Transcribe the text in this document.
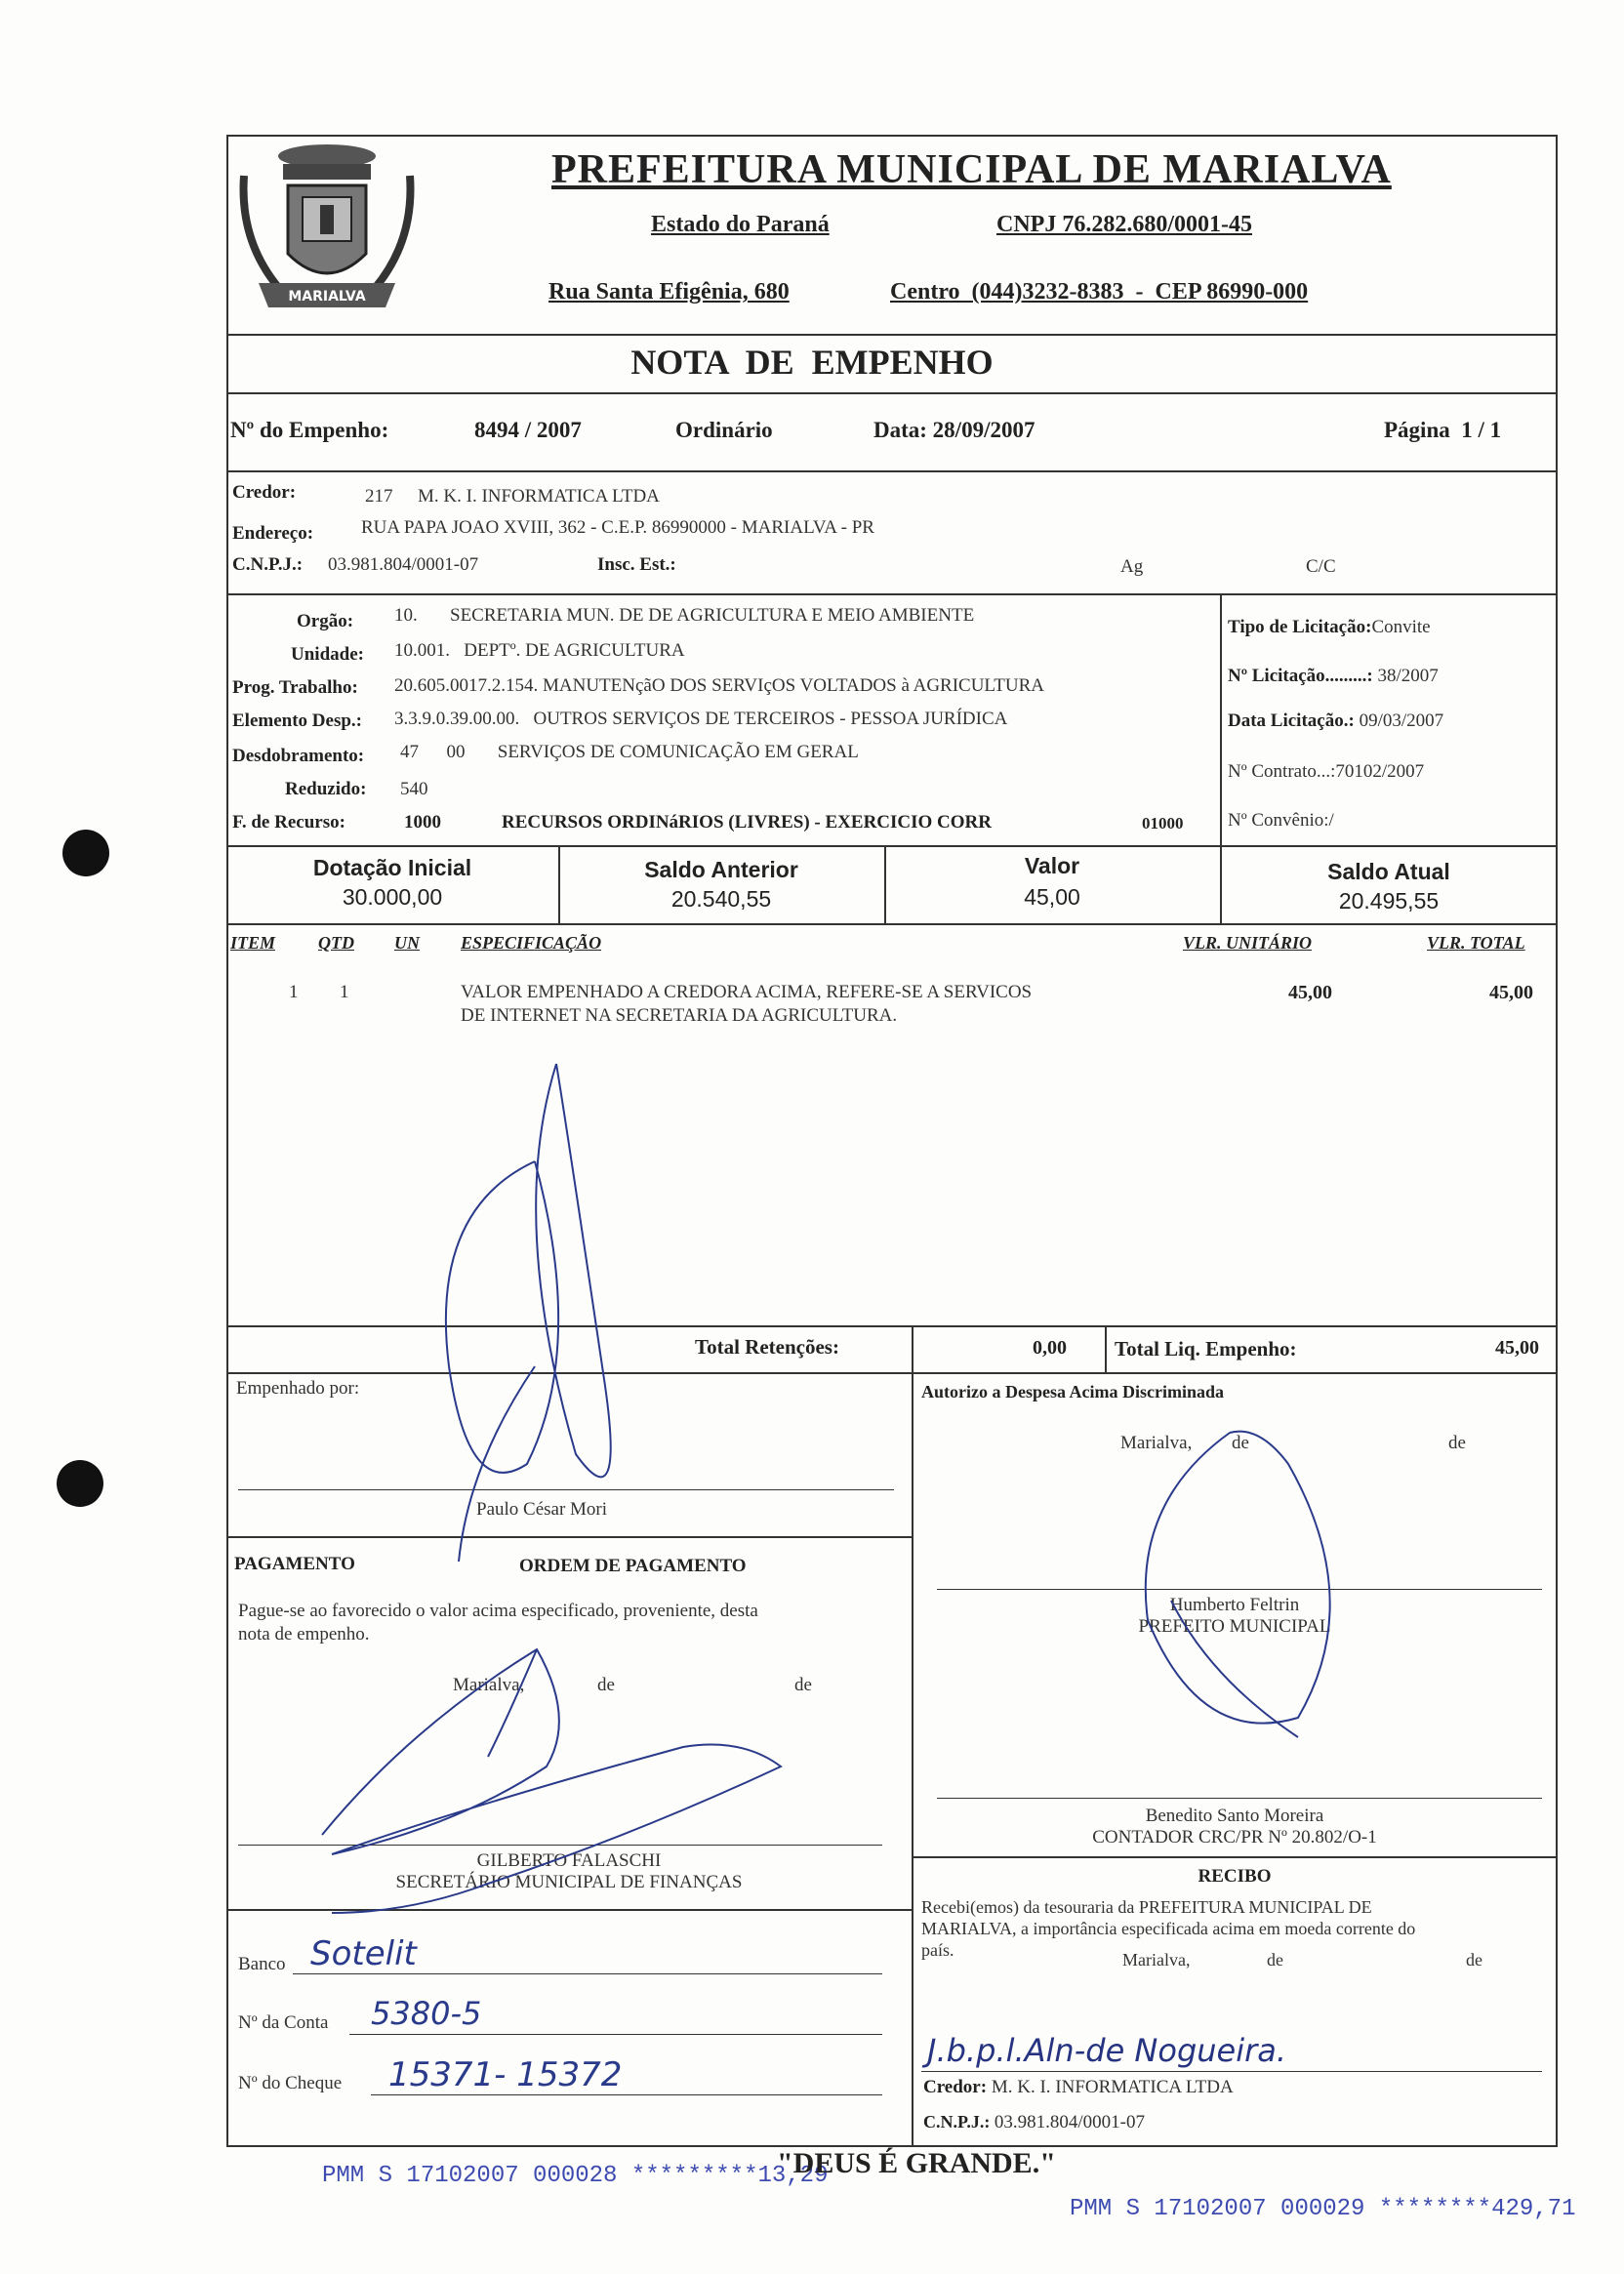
MARIALVA
PREFEITURA MUNICIPAL DE MARIALVA
Estado do Paraná	CNPJ 76.282.680/0001-45
Rua Santa Efigênia, 680	Centro  (044)3232-8383  -  CEP 86990-000
NOTA  DE  EMPENHO
Nº do Empenho:	8494 / 2007	Ordinário	Data: 28/09/2007	Página  1 / 1
Credor:	217 M. K. I. INFORMATICA LTDA
Endereço:	RUA PAPA JOAO XVIII, 362 - C.E.P. 86990000 - MARIALVA - PR
C.N.P.J.: 03.981.804/0001-07	Insc. Est.:	Ag	C/C
Orgão: 10.       SECRETARIA MUN. DE DE AGRICULTURA E MEIO AMBIENTE
Unidade: 10.001.   DEPTº. DE AGRICULTURA
Prog. Trabalho: 20.605.0017.2.154. MANUTENçãO DOS SERVIçOS VOLTADOS à AGRICULTURA
Elemento Desp.: 3.3.9.0.39.00.00.   OUTROS SERVIÇOS DE TERCEIROS - PESSOA JURÍDICA
Desdobramento: 47      00       SERVIÇOS DE COMUNICAÇÃO EM GERAL
Reduzido: 540
F. de Recurso:	1000	RECURSOS ORDINáRIOS (LIVRES) - EXERCICIO CORR	01000
Tipo de Licitação:Convite
Nº Licitação.........: 38/2007
Data Licitação.: 09/03/2007
Nº Contrato...:70102/2007
Nº Convênio:/
Dotação Inicial
30.000,00
Saldo Anterior
20.540,55
Valor
45,00
Saldo Atual
20.495,55
ITEM QTD UN ESPECIFICAÇÃO	VLR. UNITÁRIO	VLR. TOTAL
1 1	VALOR EMPENHADO A CREDORA ACIMA, REFERE-SE A SERVICOS
DE INTERNET NA SECRETARIA DA AGRICULTURA.
45,00	45,00
Total Retenções:	0,00 Total Liq. Empenho:	45,00
Empenhado por:
Paulo César Mori
PAGAMENTO	ORDEM DE PAGAMENTO
Pague-se ao favorecido o valor acima especificado, proveniente, desta
nota de empenho.
Marialva,	de	de
GILBERTO FALASCHI
SECRETÁRIO MUNICIPAL DE FINANÇAS
Banco Sotelit
Nº da Conta 5380-5
Nº do Cheque 15371- 15372
Autorizo a Despesa Acima Discriminada
Marialva, de	de
Humberto Feltrin
PREFEITO MUNICIPAL
Benedito Santo Moreira
CONTADOR CRC/PR Nº 20.802/O-1
RECIBO
Recebi(emos) da tesouraria da PREFEITURA MUNICIPAL DE
MARIALVA, a importância especificada acima em moeda corrente do
país.	Marialva,	de	de
J.b.p.l.Aln-de Nogueira.
Credor: M. K. I. INFORMATICA LTDA
C.N.P.J.: 03.981.804/0001-07
PMM S 17102007 000028 *********13,29
"DEUS É GRANDE."
PMM S 17102007 000029 ********429,71
